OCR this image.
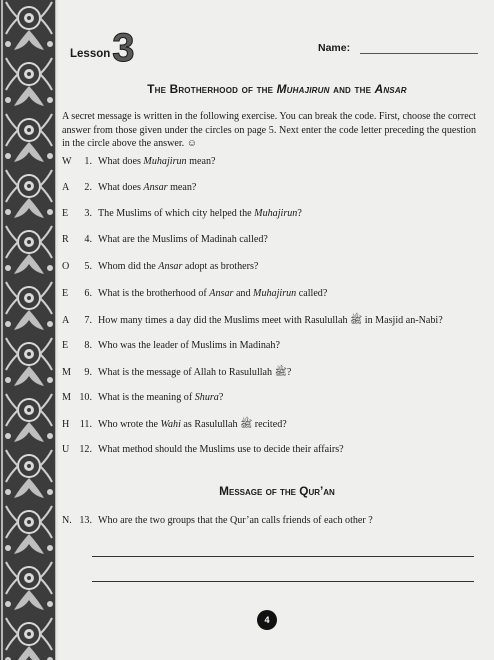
Lesson 3	Name:
The Brotherhood of the Muhajirun and the Ansar
A secret message is written in the following exercise. You can break the code. First, choose the correct answer from those given under the circles on page 5. Next enter the code letter preceding the question in the circle above the answer. ☺
W 1. What does Muhajirun mean?
A 2. What does Ansar mean?
E 3. The Muslims of which city helped the Muhajirun?
R 4. What are the Muslims of Madinah called?
O 5. Whom did the Ansar adopt as brothers?
E 6. What is the brotherhood of Ansar and Muhajirun called?
A 7. How many times a day did the Muslims meet with Rasulullah ﷺ in Masjid an-Nabi?
E 8. Who was the leader of Muslims in Madinah?
M 9. What is the message of Allah to Rasulullah ﷺ?
M 10. What is the meaning of Shura?
H 11. Who wrote the Wahi as Rasulullah ﷺ recited?
U 12. What method should the Muslims use to decide their affairs?
Message of the Qur’an
N. 13. Who are the two groups that the Qur’an calls friends of each other ?
4
